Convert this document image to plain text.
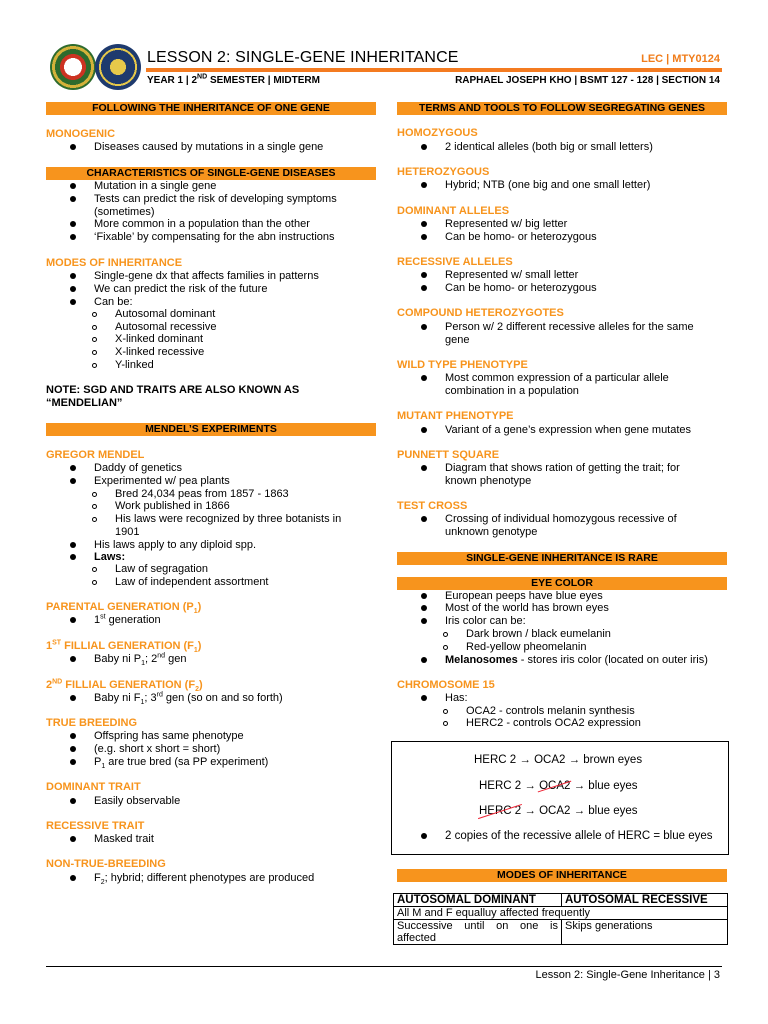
LESSON 2: SINGLE-GENE INHERITANCE	LEC | MTY0124
YEAR 1 | 2ND SEMESTER | MIDTERM	RAPHAEL JOSEPH KHO | BSMT 127 - 128 | SECTION 14
FOLLOWING THE INHERITANCE OF ONE GENE
MONOGENIC
Diseases caused by mutations in a single gene
CHARACTERISTICS OF SINGLE-GENE DISEASES
Mutation in a single gene
Tests can predict the risk of developing symptoms
(sometimes)
More common in a population than the other
‘Fixable’ by compensating for the abn instructions
MODES OF INHERITANCE
Single-gene dx that affects families in patterns
We can predict the risk of the future
Can be:
Autosomal dominant
Autosomal recessive
X-linked dominant
X-linked recessive
Y-linked
NOTE: SGD AND TRAITS ARE ALSO KNOWN AS
“MENDELIAN”
MENDEL’S EXPERIMENTS
GREGOR MENDEL
Daddy of genetics
Experimented w/ pea plants
Bred 24,034 peas from 1857 - 1863
Work published in 1866
His laws were recognized by three botanists in
1901
His laws apply to any diploid spp.
Laws:
Law of segragation
Law of independent assortment
PARENTAL GENERATION $(P_1)$
1st generation
1ST FILLIAL GENERATION $(F_1)$
Baby ni $P_1$; 2nd gen
2ND FILLIAL GENERATION $(F_2)$
Baby ni $F_1$; 3rd gen (so on and so forth)
TRUE BREEDING
Offspring has same phenotype
(e.g. short x short = short)
$P_1$ are true bred (sa PP experiment)
DOMINANT TRAIT
Easily observable
RECESSIVE TRAIT
Masked trait
NON-TRUE-BREEDING
$F_2$; hybrid; different phenotypes are produced
TERMS AND TOOLS TO FOLLOW SEGREGATING GENES
HOMOZYGOUS
2 identical alleles (both big or small letters)
HETEROZYGOUS
Hybrid; NTB (one big and one small letter)
DOMINANT ALLELES
Represented w/ big letter
Can be homo- or heterozygous
RECESSIVE ALLELES
Represented w/ small letter
Can be homo- or heterozygous
COMPOUND HETEROZYGOTES
Person w/ 2 different recessive alleles for the same
gene
WILD TYPE PHENOTYPE
Most common expression of a particular allele
combination in a population
MUTANT PHENOTYPE
Variant of a gene’s expression when gene mutates
PUNNETT SQUARE
Diagram that shows ration of getting the trait; for
known phenotype
TEST CROSS
Crossing of individual homozygous recessive of
unknown genotype
SINGLE-GENE INHERITANCE IS RARE
EYE COLOR
European peeps have blue eyes
Most of the world has brown eyes
Iris color can be:
Dark brown / black eumelanin
Red-yellow pheomelanin
Melanosomes - stores iris color (located on outer iris)
CHROMOSOME 15
Has:
OCA2 - controls melanin synthesis
HERC2 - controls OCA2 expression
HERC 2 → OCA2 → brown eyes
HERC 2 → OCA2 → blue eyes
HERC 2 → OCA2 → blue eyes
2 copies of the recessive allele of HERC = blue eyes
MODES OF INHERITANCE
AUTOSOMAL DOMINANT	AUTOSOMAL RECESSIVE
All M and F equalluy affected frequently	
Successive until on one is affected	Skips generations
Lesson 2: Single-Gene Inheritance | 3
